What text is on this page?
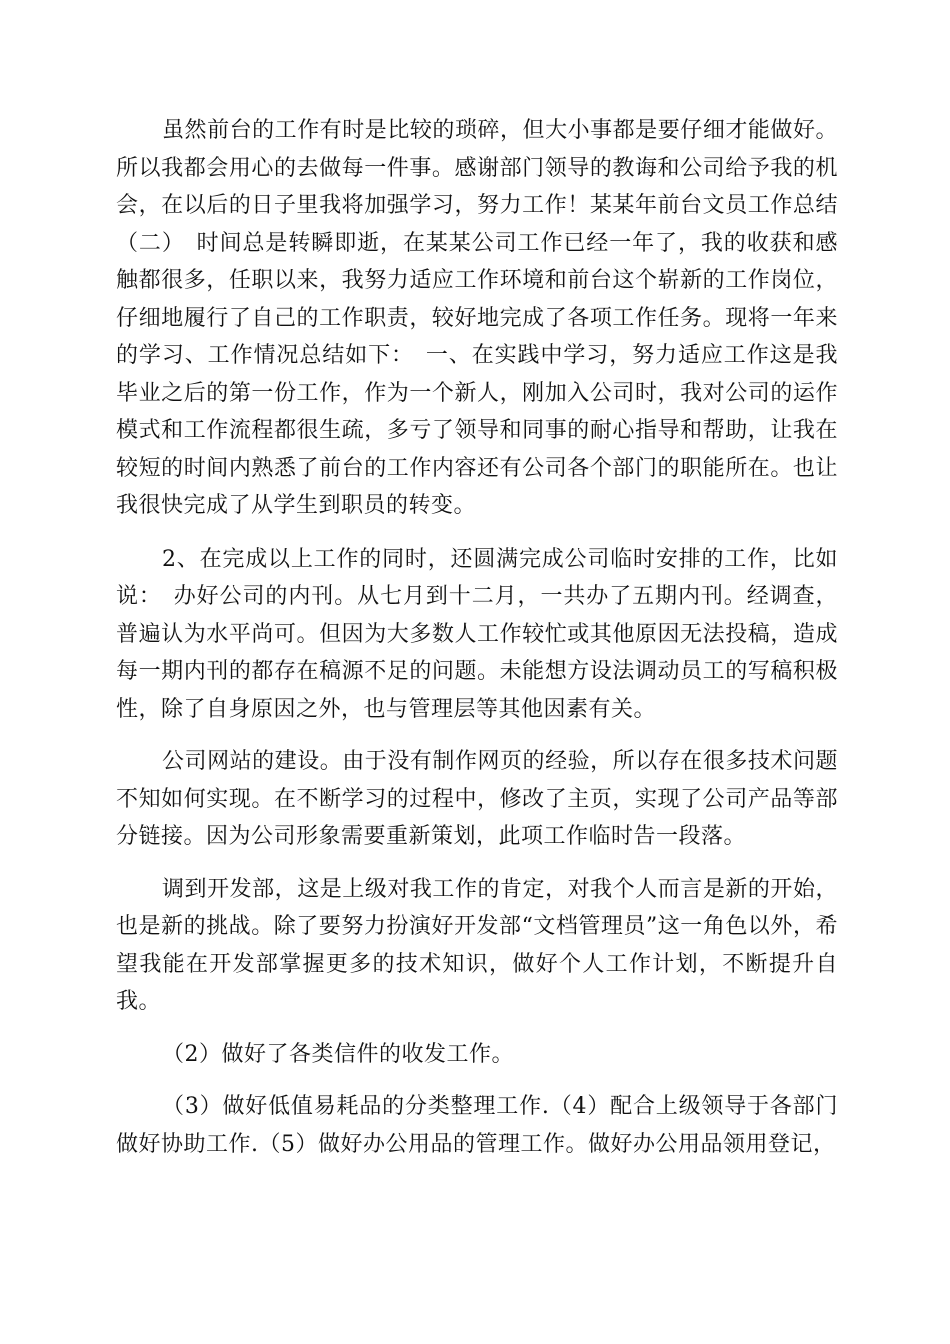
虽然前台的工作有时是比较的琐碎，但大小事都是要仔细才能做好。所以我都会用心的去做每一件事。感谢部门领导的教诲和公司给予我的机会，在以后的日子里我将加强学习，努力工作！某某年前台文员工作总结（二）　时间总是转瞬即逝，在某某公司工作已经一年了，我的收获和感触都很多，任职以来，我努力适应工作环境和前台这个崭新的工作岗位，仔细地履行了自己的工作职责，较好地完成了各项工作任务。现将一年来的学习、工作情况总结如下：　一、在实践中学习，努力适应工作这是我毕业之后的第一份工作，作为一个新人，刚加入公司时，我对公司的运作模式和工作流程都很生疏，多亏了领导和同事的耐心指导和帮助，让我在较短的时间内熟悉了前台的工作内容还有公司各个部门的职能所在。也让我很快完成了从学生到职员的转变。

2、在完成以上工作的同时，还圆满完成公司临时安排的工作，比如说：　办好公司的内刊。从七月到十二月，一共办了五期内刊。经调查，普遍认为水平尚可。但因为大多数人工作较忙或其他原因无法投稿，造成每一期内刊的都存在稿源不足的问题。未能想方设法调动员工的写稿积极性，除了自身原因之外，也与管理层等其他因素有关。

公司网站的建设。由于没有制作网页的经验，所以存在很多技术问题不知如何实现。在不断学习的过程中，修改了主页，实现了公司产品等部分链接。因为公司形象需要重新策划，此项工作临时告一段落。

调到开发部，这是上级对我工作的肯定，对我个人而言是新的开始，也是新的挑战。除了要努力扮演好开发部“文档管理员”这一角色以外，希望我能在开发部掌握更多的技术知识，做好个人工作计划，不断提升自我。

（2）做好了各类信件的收发工作。

（3）做好低值易耗品的分类整理工作.（4）配合上级领导于各部门做好协助工作.（5）做好办公用品的管理工作。做好办公用品领用登记，
